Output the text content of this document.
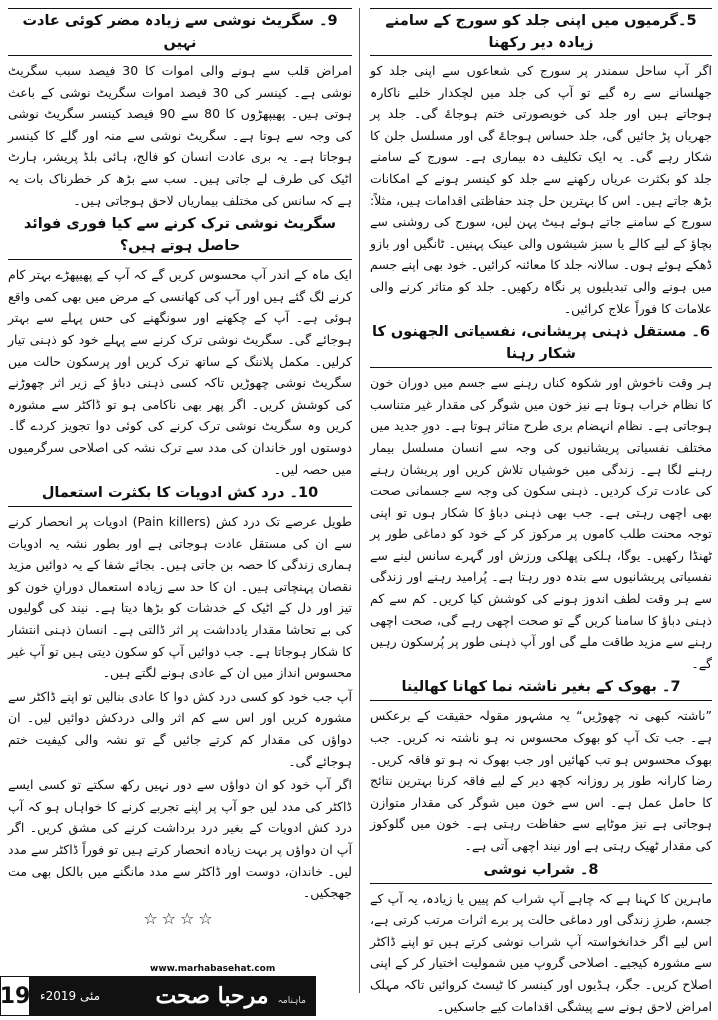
5۔گرمیوں میں اپنی جلد کو سورج کے سامنے زیادہ دیر رکھنا

اگر آپ ساحل سمندر پر سورج کی شعاعوں سے اپنی جلد کو جھلسانے سے رہ گیے تو آپ کی جلد میں لچکدار خلیے ناکارہ ہوجاتے ہیں اور جلد کی خوبصورتی ختم ہوجاۓ گی۔ جلد پر جھریاں پڑ جائیں گی، جلد حساس ہوجاۓ گی اور مسلسل جلن کا شکار رہے گی۔ یہ ایک تکلیف دہ بیماری ہے۔ سورج کے سامنے جلد کو بکثرت عریاں رکھنے سے جلد کو کینسر ہونے کے امکانات بڑھ جاتے ہیں۔ اس کا بہترین حل چند حفاظتی اقدامات ہیں، مثلاً: سورج کے سامنے جاتے ہوئے ہیٹ پہن لیں، سورج کی روشنی سے بچاؤ کے لیے کالے یا سبز شیشوں والی عینک پہنیں۔ ٹانگیں اور بازو ڈھکے ہوئے ہوں۔ سالانہ جلد کا معائنہ کرائیں۔ خود بھی اپنے جسم میں ہونے والی تبدیلیوں پر نگاہ رکھیں۔ جلد کو متاثر کرنے والی علامات کا فوراً علاج کرائیں۔

6۔ مستقل ذہنی پریشانی، نفسیاتی الجھنوں کا شکار رہنا

ہر وقت ناخوش اور شکوہ کناں رہنے سے جسم میں دوران خون کا نظام خراب ہوتا ہے نیز خون میں شوگر کی مقدار غیر متناسب ہوجاتی ہے۔ نظام انہضام بری طرح متاثر ہوتا ہے۔ دورِ جدید میں مختلف نفسیاتی پریشانیوں کی وجہ سے انسان مسلسل بیمار رہنے لگا ہے۔ زندگی میں خوشیاں تلاش کریں اور پریشان رہنے کی عادت ترک کردیں۔ ذہنی سکون کی وجہ سے جسمانی صحت بھی اچھی رہتی ہے۔ جب بھی ذہنی دباؤ کا شکار ہوں تو اپنی توجہ محنت طلب کاموں پر مرکوز کر کے خود کو دماغی طور پر ٹھنڈا رکھیں۔ یوگا، ہلکی پھلکی ورزش اور گہرے سانس لینے سے نفسیاتی پریشانیوں سے بندہ دور رہتا ہے۔ پُرامید رہنے اور زندگی سے ہر وقت لطف اندوز ہونے کی کوشش کیا کریں۔ کم سے کم ذہنی دباؤ کا سامنا کریں گے تو صحت اچھی رہے گی، صحت اچھی رہنے سے مزید طاقت ملے گی اور آپ ذہنی طور پر پُرسکون رہیں گے۔

7۔ بھوک کے بغیر ناشتہ نما کھانا کھالینا

”ناشتہ کبھی نہ چھوڑیں“ یہ مشہور مقولہ حقیقت کے برعکس ہے۔ جب تک آپ کو بھوک محسوس نہ ہو ناشتہ نہ کریں۔ جب بھوک محسوس ہو تب کھائیں اور جب بھوک نہ ہو تو فاقہ کریں۔ رضا کارانہ طور پر روزانہ کچھ دیر کے لیے فاقہ کرنا بہترین نتائج کا حامل عمل ہے۔ اس سے خون میں شوگر کی مقدار متوازن ہوجاتی ہے نیز موٹاپے سے حفاظت رہتی ہے۔ خون میں گلوکوز کی مقدار ٹھیک رہتی ہے اور نیند اچھی آتی ہے۔

8۔ شراب نوشی

ماہرین کا کہنا ہے کہ چاہے آپ شراب کم پییں یا زیادہ، یہ آپ کے جسم، طرزِ زندگی اور دماغی حالت پر برے اثرات مرتب کرتی ہے، اس لیے اگر خدانخواستہ آپ شراب نوشی کرتے ہیں تو اپنے ڈاکٹر سے مشورہ کیجیے۔ اصلاحی گروپ میں شمولیت اختیار کر کے اپنی اصلاح کریں۔ جگر، ہڈیوں اور کینسر کا ٹیسٹ کروائیں تاکہ مہلک امراض لاحق ہونے سے پیشگی اقدامات کیے جاسکیں۔

9۔ سگریٹ نوشی سے زیادہ مضر کوئی عادت نہیں

امراض قلب سے ہونے والی اموات کا 30 فیصد سبب سگریٹ نوشی ہے۔ کینسر کی 30 فیصد اموات سگریٹ نوشی کے باعث ہوتی ہیں۔ پھیپھڑوں کا 80 سے 90 فیصد کینسر سگریٹ نوشی کی وجہ سے ہوتا ہے۔ سگریٹ نوشی سے منہ اور گلے کا کینسر ہوجاتا ہے۔ یہ بری عادت انسان کو فالج، ہائی بلڈ پریشر، ہارٹ اٹیک کی طرف لے جاتی ہیں۔ سب سے بڑھ کر خطرناک بات یہ ہے کہ سانس کی مختلف بیماریاں لاحق ہوجاتی ہیں۔

سگریٹ نوشی ترک کرنے سے کیا فوری فوائد حاصل ہوتے ہیں؟

ایک ماہ کے اندر آپ محسوس کریں گے کہ آپ کے پھیپھڑے بہتر کام کرنے لگ گئے ہیں اور آپ کی کھانسی کے مرض میں بھی کمی واقع ہوئی ہے۔ آپ کے چکھنے اور سونگھنے کی حس پہلے سے بہتر ہوجائے گی۔ سگریٹ نوشی ترک کرنے سے پہلے خود کو ذہنی تیار کرلیں۔ مکمل پلاننگ کے ساتھ ترک کریں اور پرسکون حالت میں سگریٹ نوشی چھوڑیں تاکہ کسی ذہنی دباؤ کے زیر اثر چھوڑنے کی کوشش کریں۔ اگر پھر بھی ناکامی ہو تو ڈاکٹر سے مشورہ کریں وہ سگریٹ نوشی ترک کرنے کی کوئی دوا تجویز کردے گا۔ دوستوں اور خاندان کی مدد سے ترک نشہ کی اصلاحی سرگرمیوں میں حصہ لیں۔

10۔ درد کش ادویات کا بکثرت استعمال

طویل عرصے تک درد کش (Pain killers) ادویات پر انحصار کرنے سے ان کی مستقل عادت ہوجاتی ہے اور بطور نشہ یہ ادویات ہماری زندگی کا حصہ بن جاتی ہیں۔ بجائے شفا کے یہ دوائیں مزید نقصان پہنچاتی ہیں۔ ان کا حد سے زیادہ استعمال دورانِ خون کو تیز اور دل کے اٹیک کے خدشات کو بڑھا دیتا ہے۔ نیند کی گولیوں کی بے تحاشا مقدار یادداشت پر اثر ڈالتی ہے۔ انسان ذہنی انتشار کا شکار ہوجاتا ہے۔ جب دوائیں آپ کو سکون دیتی ہیں تو آپ غیر محسوس انداز میں ان کے عادی ہونے لگتے ہیں۔

آپ جب خود کو کسی درد کش دوا کا عادی بنالیں تو اپنے ڈاکٹر سے مشورہ کریں اور اس سے کم اثر والی دردکش دوائیں لیں۔ ان دواؤں کی مقدار کم کرتے جائیں گے تو نشہ والی کیفیت ختم ہوجائے گی۔

اگر آپ خود کو ان دواؤں سے دور نہیں رکھ سکتے تو کسی ایسے ڈاکٹر کی مدد لیں جو آپ پر اپنے تجربے کرنے کا خواہاں ہو کہ آپ درد کش ادویات کے بغیر درد برداشت کرنے کی مشق کریں۔ اگر آپ ان دواؤں پر بہت زیادہ انحصار کرتے ہیں تو فوراً ڈاکٹر سے مدد لیں۔ خاندان، دوست اور ڈاکٹر سے مدد مانگنے میں بالکل بھی مت جھجکیں۔

☆☆☆☆
www.marhabasehat.com
19	ماہنامہ مرحبا صحت
مئی 2019ء
